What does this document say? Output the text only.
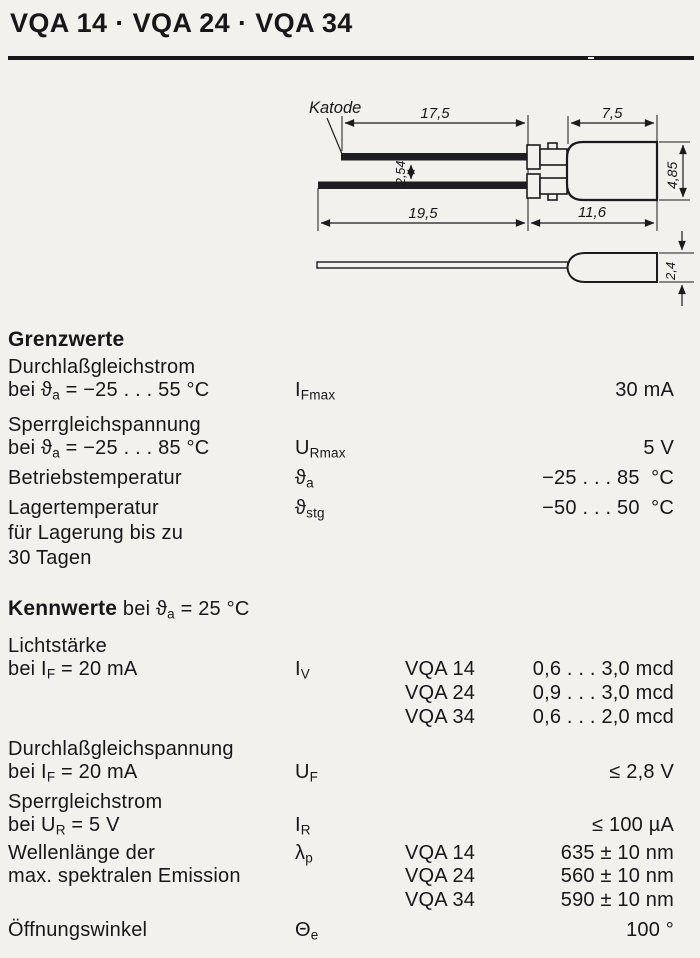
VQA 14 · VQA 24 · VQA 34
17,5	7,5
19,5	11,6
2,54	4,85
2,4
Katode
Grenzwerte
Durchlaßgleichstrom
bei $ϑ_a = -25$ . . . 55 °C	$I_{Fmax}$	30 mA
Sperrgleichspannung
bei $ϑ_a = -25$ . . . 85 °C	$U_{Rmax}$	5 V
Betriebstemperatur	$ϑ_a$	−25 . . . 85  °C
Lagertemperatur
für Lagerung bis zu
30 Tagen
$ϑ_{stg}$	−50 . . . 50  °C
Kennwerte bei $ϑ_a = 25$ °C
Lichtstärke
bei $I_F = 20$ mA	$I_V$	VQA 14	0,6 . . . 3,0 mcd
VQA 24	0,9 . . . 3,0 mcd
VQA 34	0,6 . . . 2,0 mcd
Durchlaßgleichspannung
bei $I_F = 20$ mA	$U_F$	≤ 2,8 V
Sperrgleichstrom
bei $U_R = 5$ V	$I_R$	≤ 100 µA
Wellenlänge der
max. spektralen Emission
$\lambda_p$	VQA 14	635 ± 10 nm
VQA 24	560 ± 10 nm
VQA 34	590 ± 10 nm
Öffnungswinkel	$\Theta_e$	100 °
